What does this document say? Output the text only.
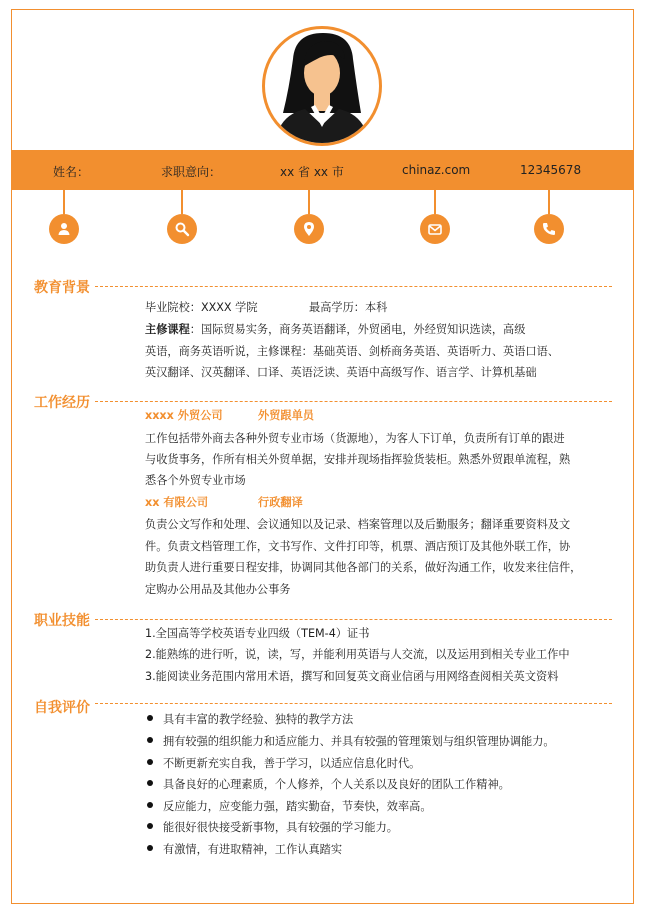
姓名：	求职意向：	xx 省 xx 市	chinaz.com	12345678
教育背景
毕业院校：XXXX 学院	最高学历：本科
主修课程：国际贸易实务，商务英语翻译，外贸函电，外经贸知识选读，高级
英语，商务英语听说，主修课程：基础英语、剑桥商务英语、英语听力、英语口语、
英汉翻译、汉英翻译、口译、英语泛读、英语中高级写作、语言学、计算机基础
工作经历
xxxx 外贸公司	外贸跟单员
工作包括带外商去各种外贸专业市场（货源地），为客人下订单，负责所有订单的跟进
与收货事务，作所有相关外贸单据，安排并现场指挥验货装柜。熟悉外贸跟单流程，熟
悉各个外贸专业市场
xx 有限公司	行政翻译
负责公文写作和处理、会议通知以及记录、档案管理以及后勤服务；翻译重要资料及文
件。负责文档管理工作，文书写作、文件打印等，机票、酒店预订及其他外联工作，协
助负责人进行重要日程安排，协调同其他各部门的关系，做好沟通工作，收发来往信件，
定购办公用品及其他办公事务
职业技能
1.全国高等学校英语专业四级（TEM-4）证书
2.能熟练的进行听，说，读，写，并能利用英语与人交流，以及运用到相关专业工作中
3.能阅读业务范围内常用术语，撰写和回复英文商业信函与用网络查阅相关英文资料
自我评价
具有丰富的教学经验、独特的教学方法
拥有较强的组织能力和适应能力、并具有较强的管理策划与组织管理协调能力。
不断更新充实自我，善于学习，以适应信息化时代。
具备良好的心理素质，个人修养，个人关系以及良好的团队工作精神。
反应能力，应变能力强，踏实勤奋，节奏快，效率高。
能很好很快接受新事物，具有较强的学习能力。
有激情，有进取精神，工作认真踏实
